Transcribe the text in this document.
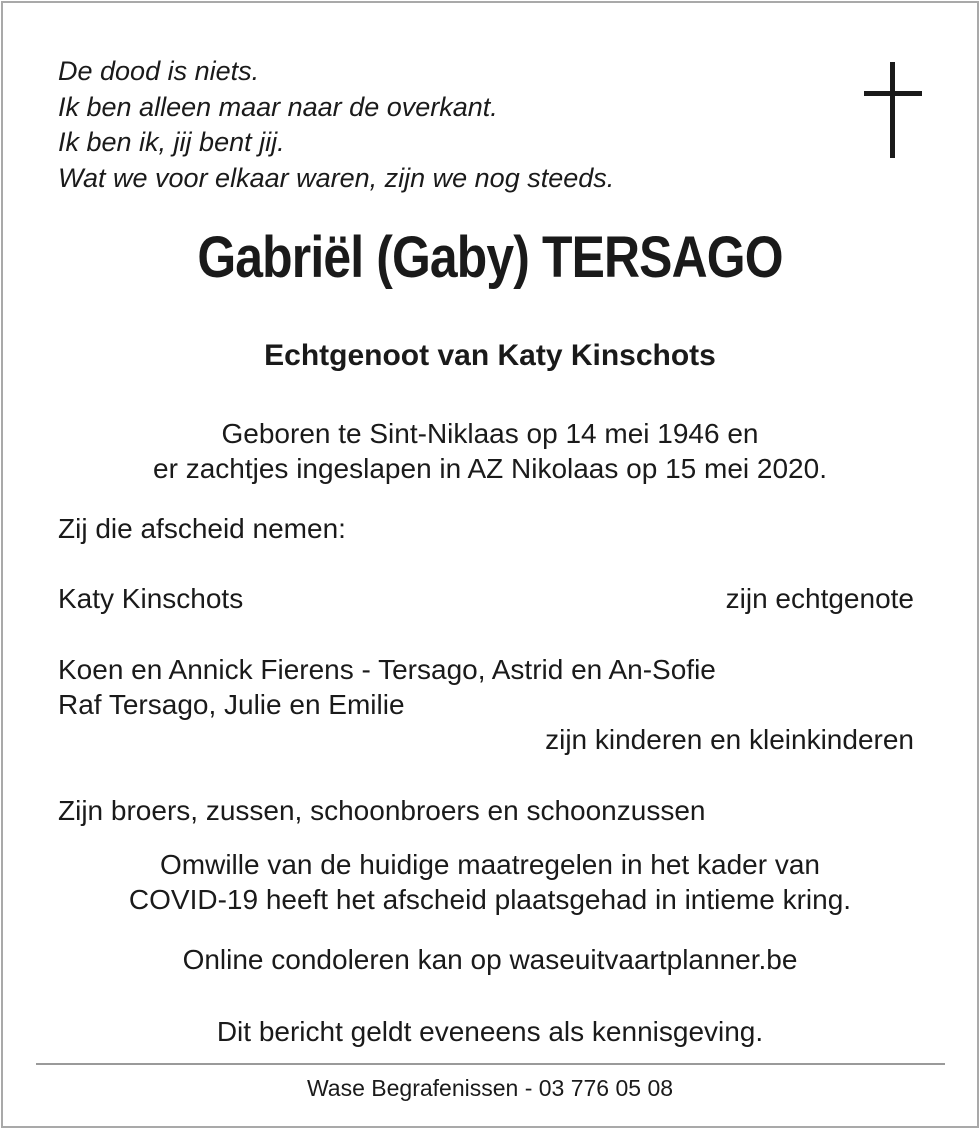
De dood is niets.
Ik ben alleen maar naar de overkant.
Ik ben ik, jij bent jij.
Wat we voor elkaar waren, zijn we nog steeds.
Gabriël (Gaby) TERSAGO
Echtgenoot van Katy Kinschots
Geboren te Sint-Niklaas op 14 mei 1946 en
er zachtjes ingeslapen in AZ Nikolaas op 15 mei 2020.
Zij die afscheid nemen:
Katy Kinschots	zijn echtgenote
Koen en Annick Fierens - Tersago, Astrid en An-Sofie
Raf Tersago, Julie en Emilie
zijn kinderen en kleinkinderen
Zijn broers, zussen, schoonbroers en schoonzussen
Omwille van de huidige maatregelen in het kader van
COVID-19 heeft het afscheid plaatsgehad in intieme kring.
Online condoleren kan op waseuitvaartplanner.be
Dit bericht geldt eveneens als kennisgeving.
Wase Begrafenissen - 03 776 05 08
